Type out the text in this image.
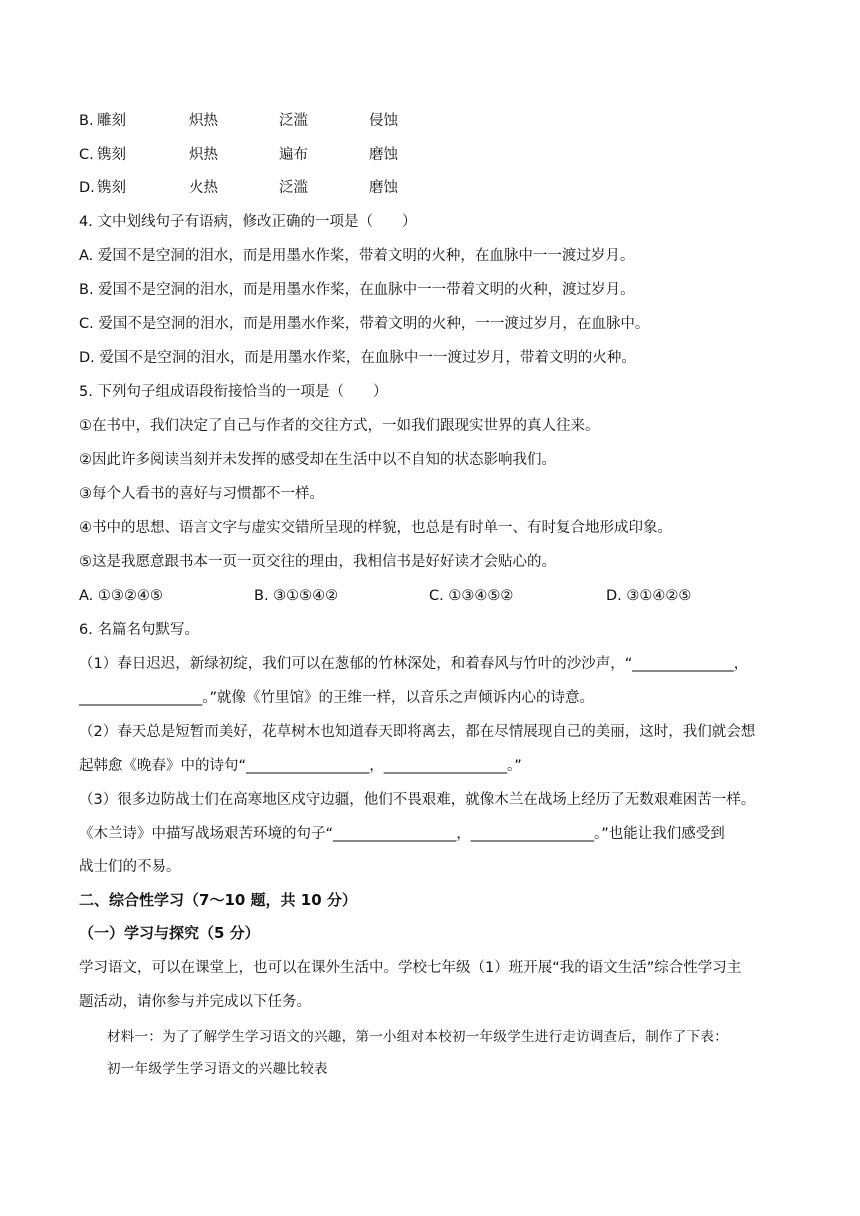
B. 雕刻	炽热	泛滥	侵蚀
C. 镌刻	炽热	遍布	磨蚀
D. 镌刻	火热	泛滥	磨蚀
4. 文中划线句子有语病，修改正确的一项是（　　）
A. 爱国不是空洞的泪水，而是用墨水作桨，带着文明的火种，在血脉中一一渡过岁月。
B. 爱国不是空洞的泪水，而是用墨水作桨，在血脉中一一带着文明的火种，渡过岁月。
C. 爱国不是空洞的泪水，而是用墨水作桨，带着文明的火种，一一渡过岁月，在血脉中。
D. 爱国不是空洞的泪水，而是用墨水作桨，在血脉中一一渡过岁月，带着文明的火种。
5. 下列句子组成语段衔接恰当的一项是（　　）
①在书中，我们决定了自己与作者的交往方式，一如我们跟现实世界的真人往来。
②因此许多阅读当刻并未发挥的感受却在生活中以不自知的状态影响我们。
③每个人看书的喜好与习惯都不一样。
④书中的思想、语言文字与虚实交错所呈现的样貌，也总是有时单一、有时复合地形成印象。
⑤这是我愿意跟书本一页一页交往的理由，我相信书是好好读才会贴心的。
A. ①③②④⑤	B. ③①⑤④②	C. ①③④⑤②	D. ③①④②⑤
6. 名篇名句默写。
（1）春日迟迟，新绿初绽，我们可以在葱郁的竹林深处，和着春风与竹叶的沙沙声，“______________，
_________________。”就像《竹里馆》的王维一样，以音乐之声倾诉内心的诗意。
（2）春天总是短暂而美好，花草树木也知道春天即将离去，都在尽情展现自己的美丽，这时，我们就会想
起韩愈《晚春》中的诗句“_________________，_________________。”
（3）很多边防战士们在高寒地区戍守边疆，他们不畏艰难，就像木兰在战场上经历了无数艰难困苦一样。
《木兰诗》中描写战场艰苦环境的句子“_________________，_________________。”也能让我们感受到
战士们的不易。
二、综合性学习（7～10 题，共 10 分）
（一）学习与探究（5 分）
学习语文，可以在课堂上，也可以在课外生活中。学校七年级（1）班开展“我的语文生活”综合性学习主
题活动，请你参与并完成以下任务。
材料一：为了了解学生学习语文的兴趣，第一小组对本校初一年级学生进行走访调查后，制作了下表：
初一年级学生学习语文的兴趣比较表
